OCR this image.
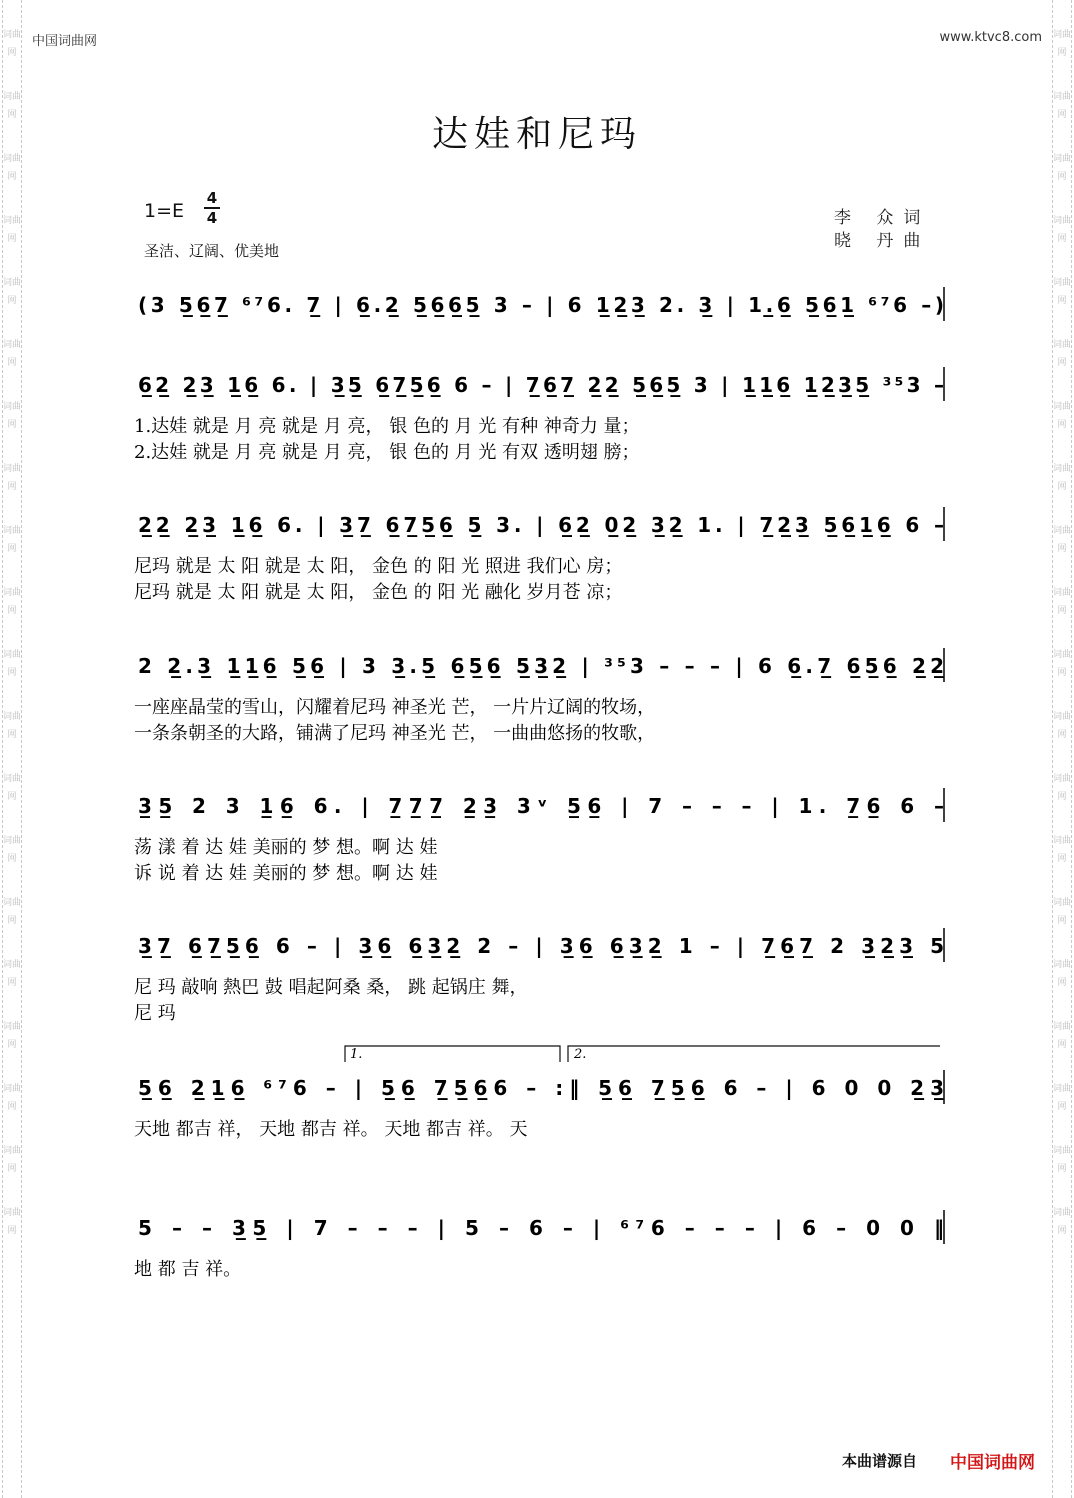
词曲网
词曲网
词曲网
词曲网
词曲网
词曲网
词曲网
词曲网
词曲网
词曲网
词曲网
词曲网
词曲网
词曲网
词曲网
词曲网
词曲网
词曲网
词曲网
词曲网
词曲网
词曲网
词曲网
词曲网
词曲网
词曲网
词曲网
词曲网
词曲网
词曲网
词曲网
词曲网
词曲网
词曲网
词曲网
词曲网
词曲网
词曲网
词曲网
词曲网
中国词曲网	www.ktvc8.com
达娃和尼玛
1=E
4
4
圣洁、辽阔、优美地
李 众词
晓 丹曲
(3 5̲6̲7̲ ⁶⁷6. 7̲ | 6̲.2̲ 5̲6̲6̲5̲ 3 – | 6 1̲2̲3̲ 2. 3̲ | 1.̲6̲ 5̲6̲1̲ ⁶⁷6 –)
6̲2̲ 2̲3̲ 1̲6̲ 6. | 3̲5̲ 6̲7̲5̲6̲ 6 – | 7̲6̲7̲ 2̲2̲ 5̲6̲5̲ 3 | 1̲1̲6̲ 1̲2̲3̲5̲ ³⁵3 –
1.达娃 就是 月 亮 就是 月 亮， 银 色的 月 光 有种 神奇力 量；
2.达娃 就是 月 亮 就是 月 亮， 银 色的 月 光 有双 透明翅 膀；
2̲2̲ 2̲3̲ 1̲6̲ 6. | 3̲7̲ 6̲7̲5̲6̲ 5̲ 3. | 6̲2̲ 0̲2̲ 3̲2̲ 1. | 7̲2̲3̲ 5̲6̲1̲6̲ 6 –
尼玛 就是 太 阳 就是 太 阳， 金色 的 阳 光 照进 我们心 房；
尼玛 就是 太 阳 就是 太 阳， 金色 的 阳 光 融化 岁月苍 凉；
2 2̲.3̲ 1̲1̲6̲ 5̲6̲ | 3 3̲.5̲ 6̲5̲6̲ 5̲3̲2̲ | ³⁵3 – – – | 6 6̲.7̲ 6̲5̲6̲ 2̲2̲
一座座晶莹的雪山，闪耀着尼玛 神圣光 芒， 一片片辽阔的牧场，
一条条朝圣的大路，铺满了尼玛 神圣光 芒， 一曲曲悠扬的牧歌，
3̲5̲ 2 3 1̲6̲ 6. | 7̲7̲7̲ 2̲3̲ 3ᵛ 5̲6̲ | 7 – – – | 1. 7̲6̲ 6 –
荡 漾 着 达 娃 美丽的 梦 想。啊 达 娃
诉 说 着 达 娃 美丽的 梦 想。啊 达 娃
3̲7̲ 6̲7̲5̲6̲ 6 – | 3̲6̲ 6̲3̲2̲ 2 – | 3̲6̲ 6̲3̲2̲ 1 – | 7̲6̲7̲ 2 3̲2̲3̲ 5
尼 玛 敲响 熱巴 鼓 唱起阿桑 桑， 跳 起锅庄 舞，
尼 玛
5̲6̲ 2̲1̲6̲ ⁶⁷6 – | 5̲6̲ 7̲5̲6̲6 – :‖ 5̲6̲ 7̲5̲6̲ 6 – | 6 0 0 2̲3̲
天地 都吉 祥， 天地 都吉 祥。 天地 都吉 祥。 天
1.	2.
5 – – 3̲5̲ | 7 – – – | 5 – 6 – | ⁶⁷6 – – – | 6 – 0 0 ‖
地 都 吉 祥。
本曲谱源自 中国词曲网
